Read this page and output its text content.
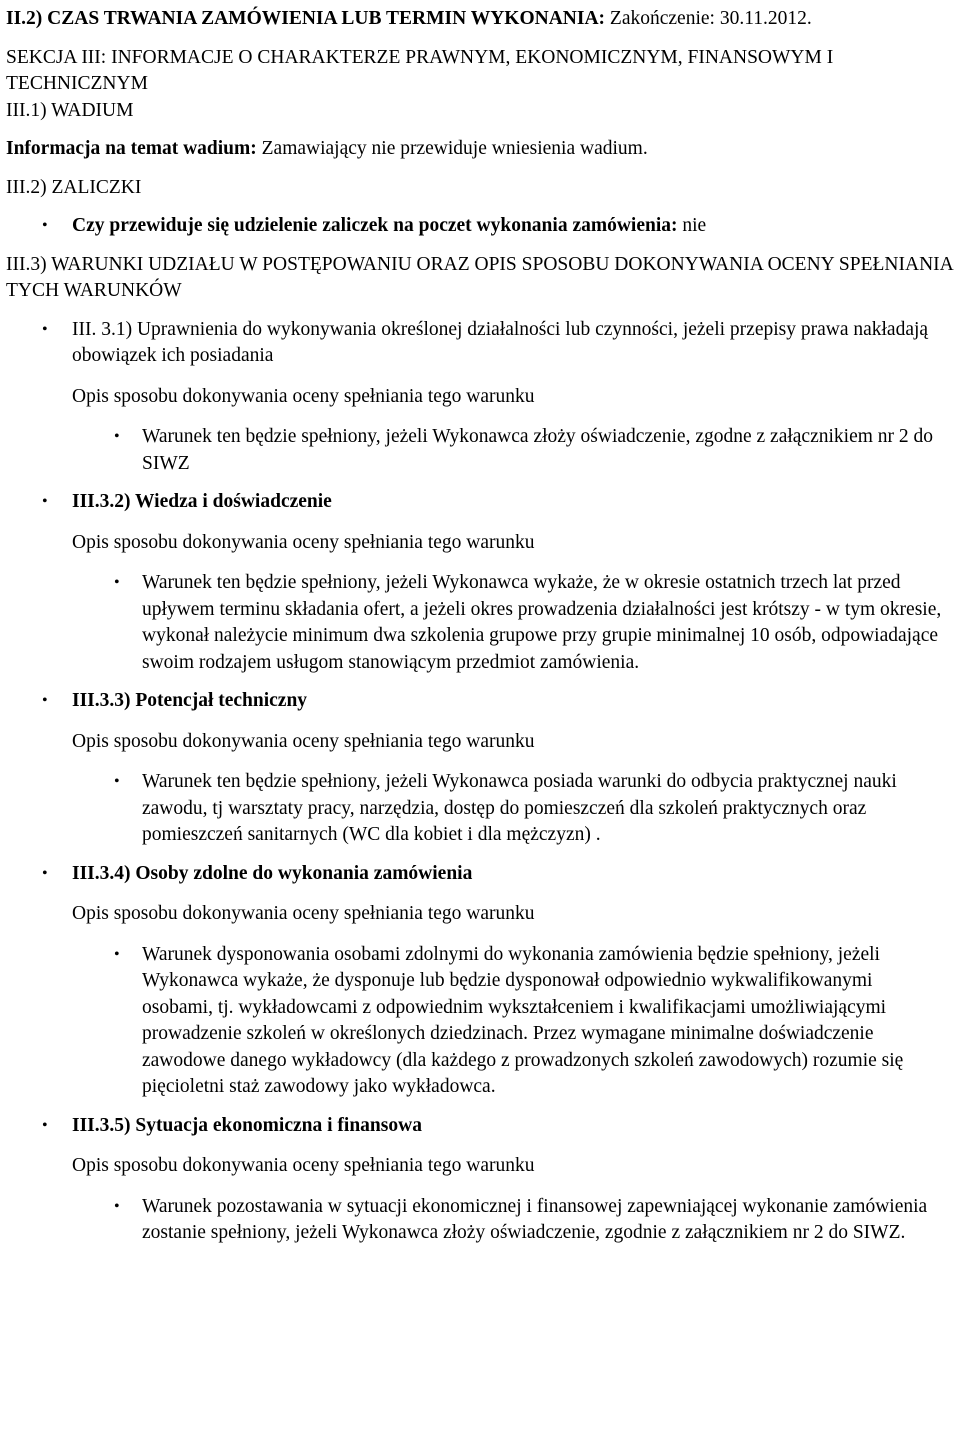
II.2) CZAS TRWANIA ZAMÓWIENIA LUB TERMIN WYKONANIA: Zakończenie: 30.11.2012.

SEKCJA III: INFORMACJE O CHARAKTERZE PRAWNYM, EKONOMICZNYM, FINANSOWYM I TECHNICZNYM

III.1) WADIUM

Informacja na temat wadium: Zamawiający nie przewiduje wniesienia wadium.

III.2) ZALICZKI

• Czy przewiduje się udzielenie zaliczek na poczet wykonania zamówienia: nie

III.3) WARUNKI UDZIAŁU W POSTĘPOWANIU ORAZ OPIS SPOSOBU DOKONYWANIA OCENY SPEŁNIANIA TYCH WARUNKÓW

• III. 3.1) Uprawnienia do wykonywania określonej działalności lub czynności, jeżeli przepisy prawa nakładają obowiązek ich posiadania

Opis sposobu dokonywania oceny spełniania tego warunku

• Warunek ten będzie spełniony, jeżeli Wykonawca złoży oświadczenie, zgodne z załącznikiem nr 2 do SIWZ
• III.3.2) Wiedza i doświadczenie

Opis sposobu dokonywania oceny spełniania tego warunku

• Warunek ten będzie spełniony, jeżeli Wykonawca wykaże, że w okresie ostatnich trzech lat przed upływem terminu składania ofert, a jeżeli okres prowadzenia działalności jest krótszy - w tym okresie, wykonał należycie minimum dwa szkolenia grupowe przy grupie minimalnej 10 osób, odpowiadające swoim rodzajem usługom stanowiącym przedmiot zamówienia.
• III.3.3) Potencjał techniczny

Opis sposobu dokonywania oceny spełniania tego warunku

• Warunek ten będzie spełniony, jeżeli Wykonawca posiada warunki do odbycia praktycznej nauki zawodu, tj warsztaty pracy, narzędzia, dostęp do pomieszczeń dla szkoleń praktycznych oraz pomieszczeń sanitarnych (WC dla kobiet i dla mężczyzn) .
• III.3.4) Osoby zdolne do wykonania zamówienia

Opis sposobu dokonywania oceny spełniania tego warunku

• Warunek dysponowania osobami zdolnymi do wykonania zamówienia będzie spełniony, jeżeli Wykonawca wykaże, że dysponuje lub będzie dysponował odpowiednio wykwalifikowanymi osobami, tj. wykładowcami z odpowiednim wykształceniem i kwalifikacjami umożliwiającymi prowadzenie szkoleń w określonych dziedzinach. Przez wymagane minimalne doświadczenie zawodowe danego wykładowcy (dla każdego z prowadzonych szkoleń zawodowych) rozumie się pięcioletni staż zawodowy jako wykładowca.
• III.3.5) Sytuacja ekonomiczna i finansowa

Opis sposobu dokonywania oceny spełniania tego warunku

• Warunek pozostawania w sytuacji ekonomicznej i finansowej zapewniającej wykonanie zamówienia zostanie spełniony, jeżeli Wykonawca złoży oświadczenie, zgodnie z załącznikiem nr 2 do SIWZ.
